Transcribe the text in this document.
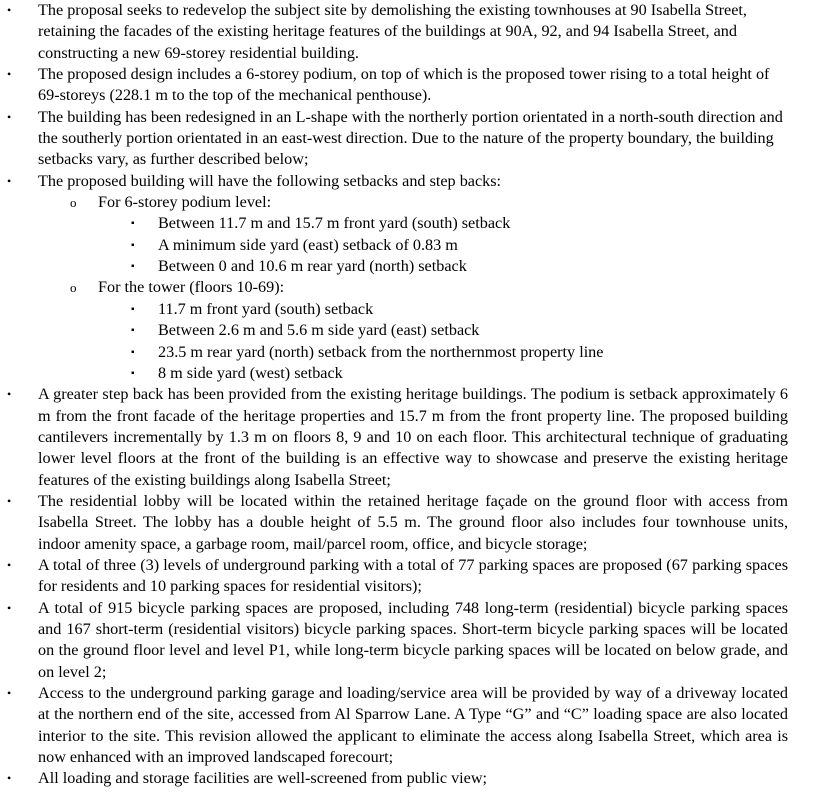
• The proposal seeks to redevelop the subject site by demolishing the existing townhouses at 90 Isabella Street, retaining the facades of the existing heritage features of the buildings at 90A, 92, and 94 Isabella Street, and constructing a new 69-storey residential building.
• The proposed design includes a 6-storey podium, on top of which is the proposed tower rising to a total height of 69-storeys (228.1 m to the top of the mechanical penthouse).
• The building has been redesigned in an L-shape with the northerly portion orientated in a north-south direction and the southerly portion orientated in an east-west direction. Due to the nature of the property boundary, the building setbacks vary, as further described below;
• The proposed building will have the following setbacks and step backs:
o For 6-storey podium level:
▪ Between 11.7 m and 15.7 m front yard (south) setback
▪ A minimum side yard (east) setback of 0.83 m
▪ Between 0 and 10.6 m rear yard (north) setback
o For the tower (floors 10-69):
▪ 11.7 m front yard (south) setback
▪ Between 2.6 m and 5.6 m side yard (east) setback
▪ 23.5 m rear yard (north) setback from the northernmost property line
▪ 8 m side yard (west) setback
• A greater step back has been provided from the existing heritage buildings. The podium is setback approximately 6 m from the front facade of the heritage properties and 15.7 m from the front property line. The proposed building cantilevers incrementally by 1.3 m on floors 8, 9 and 10 on each floor. This architectural technique of graduating lower level floors at the front of the building is an effective way to showcase and preserve the existing heritage features of the existing buildings along Isabella Street;
• The residential lobby will be located within the retained heritage façade on the ground floor with access from Isabella Street. The lobby has a double height of 5.5 m. The ground floor also includes four townhouse units, indoor amenity space, a garbage room, mail/parcel room, office, and bicycle storage;
• A total of three (3) levels of underground parking with a total of 77 parking spaces are proposed (67 parking spaces for residents and 10 parking spaces for residential visitors);
• A total of 915 bicycle parking spaces are proposed, including 748 long-term (residential) bicycle parking spaces and 167 short-term (residential visitors) bicycle parking spaces. Short-term bicycle parking spaces will be located on the ground floor level and level P1, while long-term bicycle parking spaces will be located on below grade, and on level 2;
• Access to the underground parking garage and loading/service area will be provided by way of a driveway located at the northern end of the site, accessed from Al Sparrow Lane. A Type “G” and “C” loading space are also located interior to the site. This revision allowed the applicant to eliminate the access along Isabella Street, which area is now enhanced with an improved landscaped forecourt;
• All loading and storage facilities are well-screened from public view;
